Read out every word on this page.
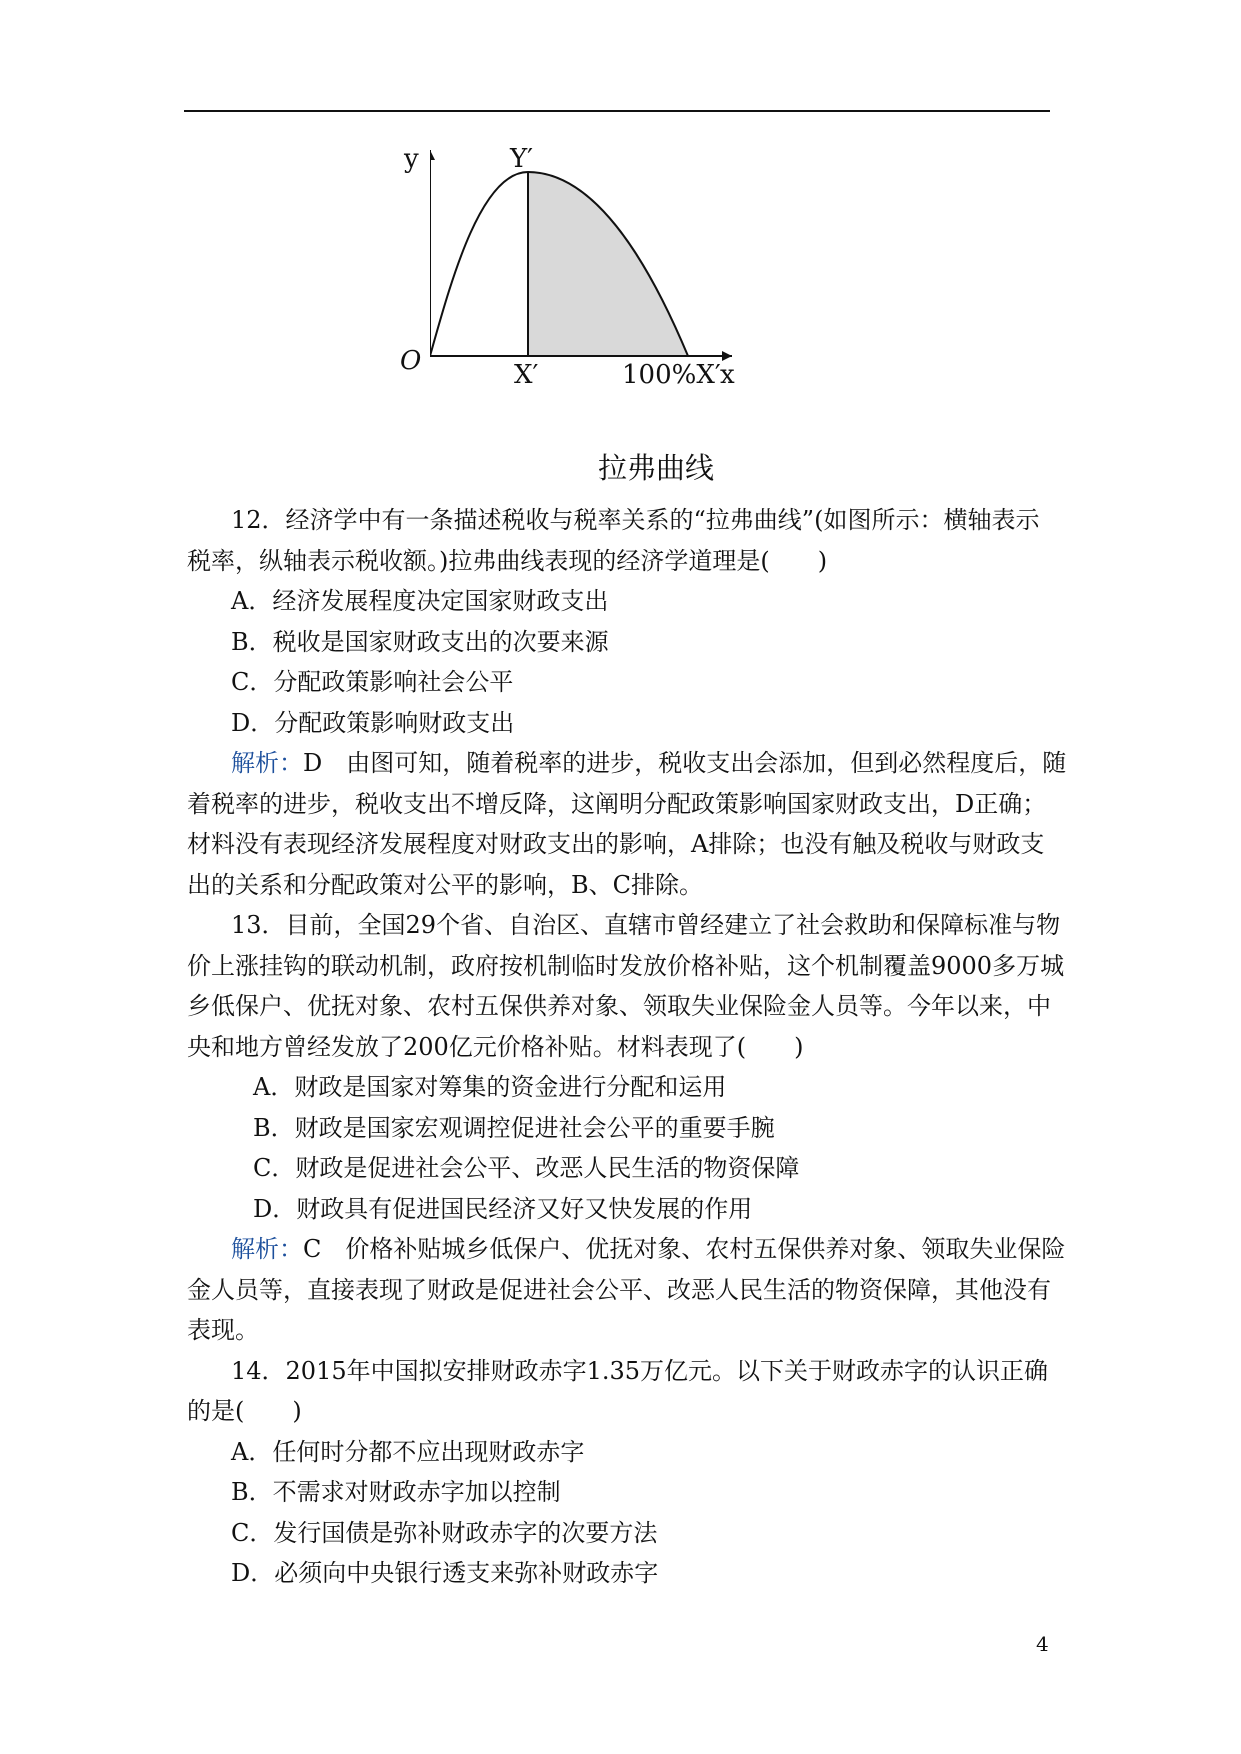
y	Y′
O	X′	100%X′ x
拉弗曲线
12．经济学中有一条描述税收与税率关系的“拉弗曲线”(如图所示：横轴表示
税率，纵轴表示税收额。)拉弗曲线表现的经济学道理是(　　)
A．经济发展程度决定国家财政支出
B．税收是国家财政支出的次要来源
C．分配政策影响社会公平
D．分配政策影响财政支出
解析：D　由图可知，随着税率的进步，税收支出会添加，但到必然程度后，随
着税率的进步，税收支出不增反降，这阐明分配政策影响国家财政支出，D正确；
材料没有表现经济发展程度对财政支出的影响，A排除；也没有触及税收与财政支
出的关系和分配政策对公平的影响，B、C排除。
13．目前，全国29个省、自治区、直辖市曾经建立了社会救助和保障标准与物
价上涨挂钩的联动机制，政府按机制临时发放价格补贴，这个机制覆盖9000多万城
乡低保户、优抚对象、农村五保供养对象、领取失业保险金人员等。今年以来，中
央和地方曾经发放了200亿元价格补贴。材料表现了(　　)
A．财政是国家对筹集的资金进行分配和运用
B．财政是国家宏观调控促进社会公平的重要手腕
C．财政是促进社会公平、改恶人民生活的物资保障
D．财政具有促进国民经济又好又快发展的作用
解析：C　价格补贴城乡低保户、优抚对象、农村五保供养对象、领取失业保险
金人员等，直接表现了财政是促进社会公平、改恶人民生活的物资保障，其他没有
表现。
14．2015年中国拟安排财政赤字1.35万亿元。以下关于财政赤字的认识正确
的是(　　)
A．任何时分都不应出现财政赤字
B．不需求对财政赤字加以控制
C．发行国债是弥补财政赤字的次要方法
D．必须向中央银行透支来弥补财政赤字
4
